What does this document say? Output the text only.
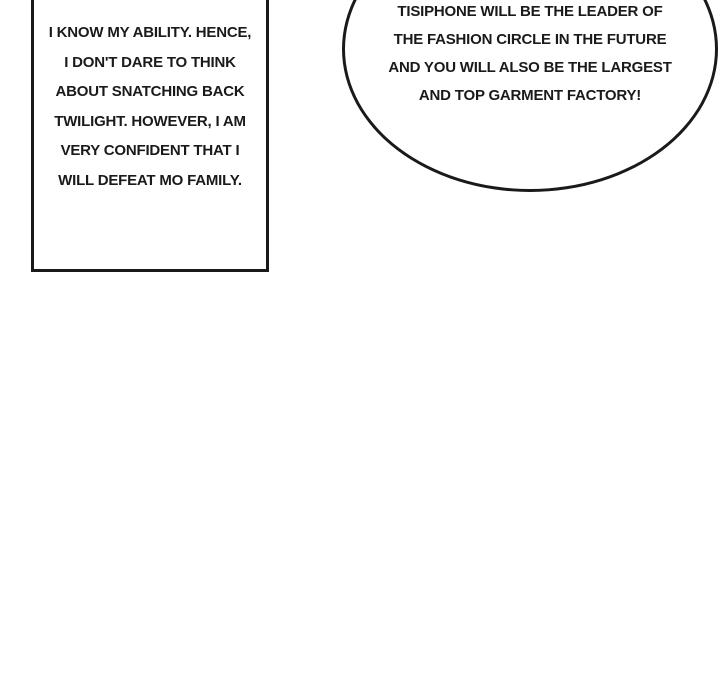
I KNOW MY ABILITY. HENCE,
I DON'T DARE TO THINK
ABOUT SNATCHING BACK
TWILIGHT. HOWEVER, I AM
VERY CONFIDENT THAT I
WILL DEFEAT MO FAMILY.
TISIPHONE WILL BE THE LEADER OF
THE FASHION CIRCLE IN THE FUTURE
AND YOU WILL ALSO BE THE LARGEST
AND TOP GARMENT FACTORY!
